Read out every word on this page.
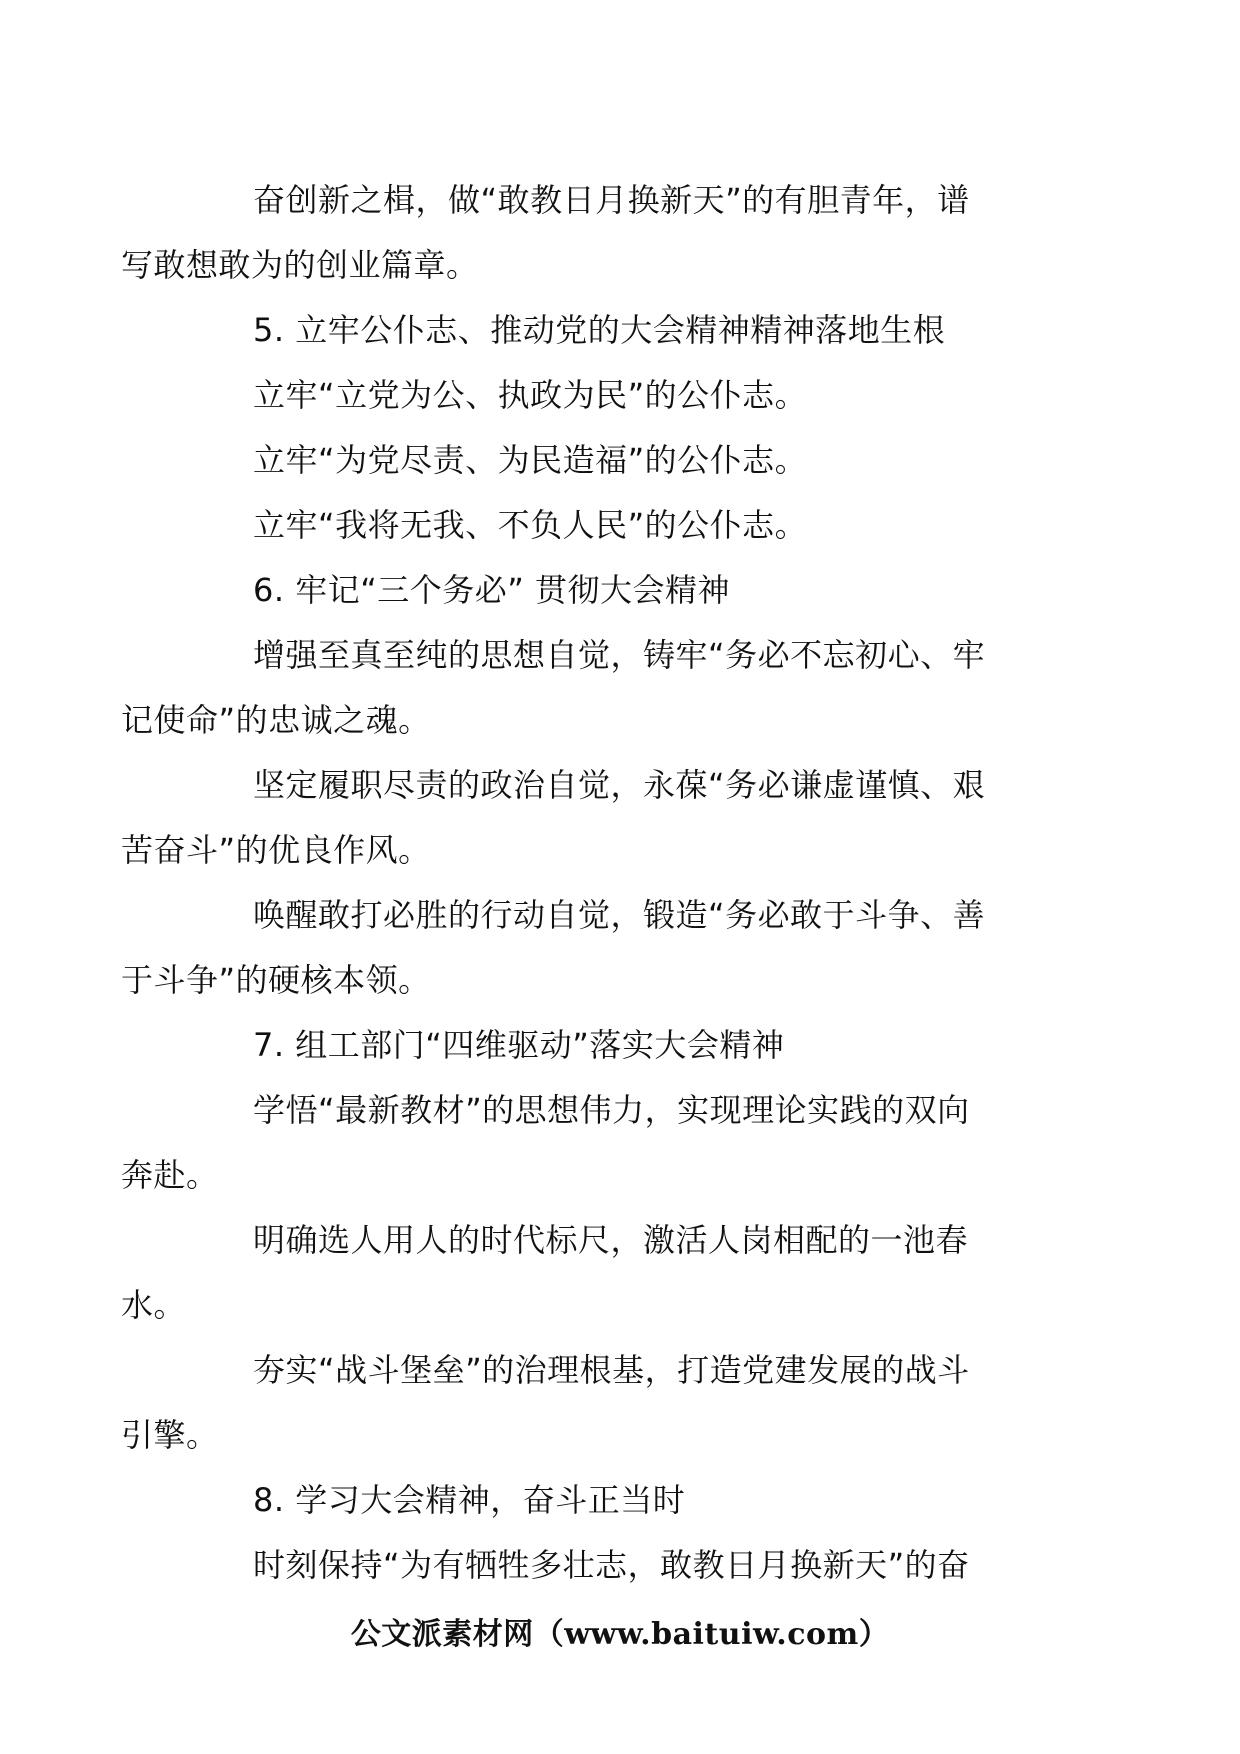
奋创新之楫，做“敢教日月换新天”的有胆青年，谱
写敢想敢为的创业篇章。

5. 立牢公仆志、推动党的大会精神精神落地生根

立牢“立党为公、执政为民”的公仆志。

立牢“为党尽责、为民造福”的公仆志。

立牢“我将无我、不负人民”的公仆志。

6. 牢记“三个务必” 贯彻大会精神

增强至真至纯的思想自觉，铸牢“务必不忘初心、牢
记使命”的忠诚之魂。

坚定履职尽责的政治自觉，永葆“务必谦虚谨慎、艰
苦奋斗”的优良作风。

唤醒敢打必胜的行动自觉，锻造“务必敢于斗争、善
于斗争”的硬核本领。

7. 组工部门“四维驱动”落实大会精神

学悟“最新教材”的思想伟力，实现理论实践的双向
奔赴。

明确选人用人的时代标尺，激活人岗相配的一池春
水。

夯实“战斗堡垒”的治理根基，打造党建发展的战斗
引擎。

8. 学习大会精神，奋斗正当时

时刻保持“为有牺牲多壮志，敢教日月换新天”的奋

公文派素材网（www.baituiw.com）
